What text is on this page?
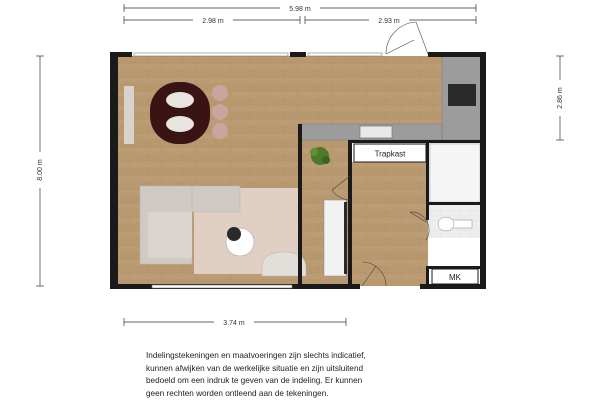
5.98 m
2.98 m	2.93 m
8.00 m
2.86 m
3.74 m
Trapkast
MK

Indelingstekeningen en maatvoeringen zijn slechts indicatief,
kunnen afwijken van de werkelijke situatie en zijn uitsluitend
bedoeld om een indruk te geven van de indeling. Er kunnen
geen rechten worden ontleend aan de tekeningen.
